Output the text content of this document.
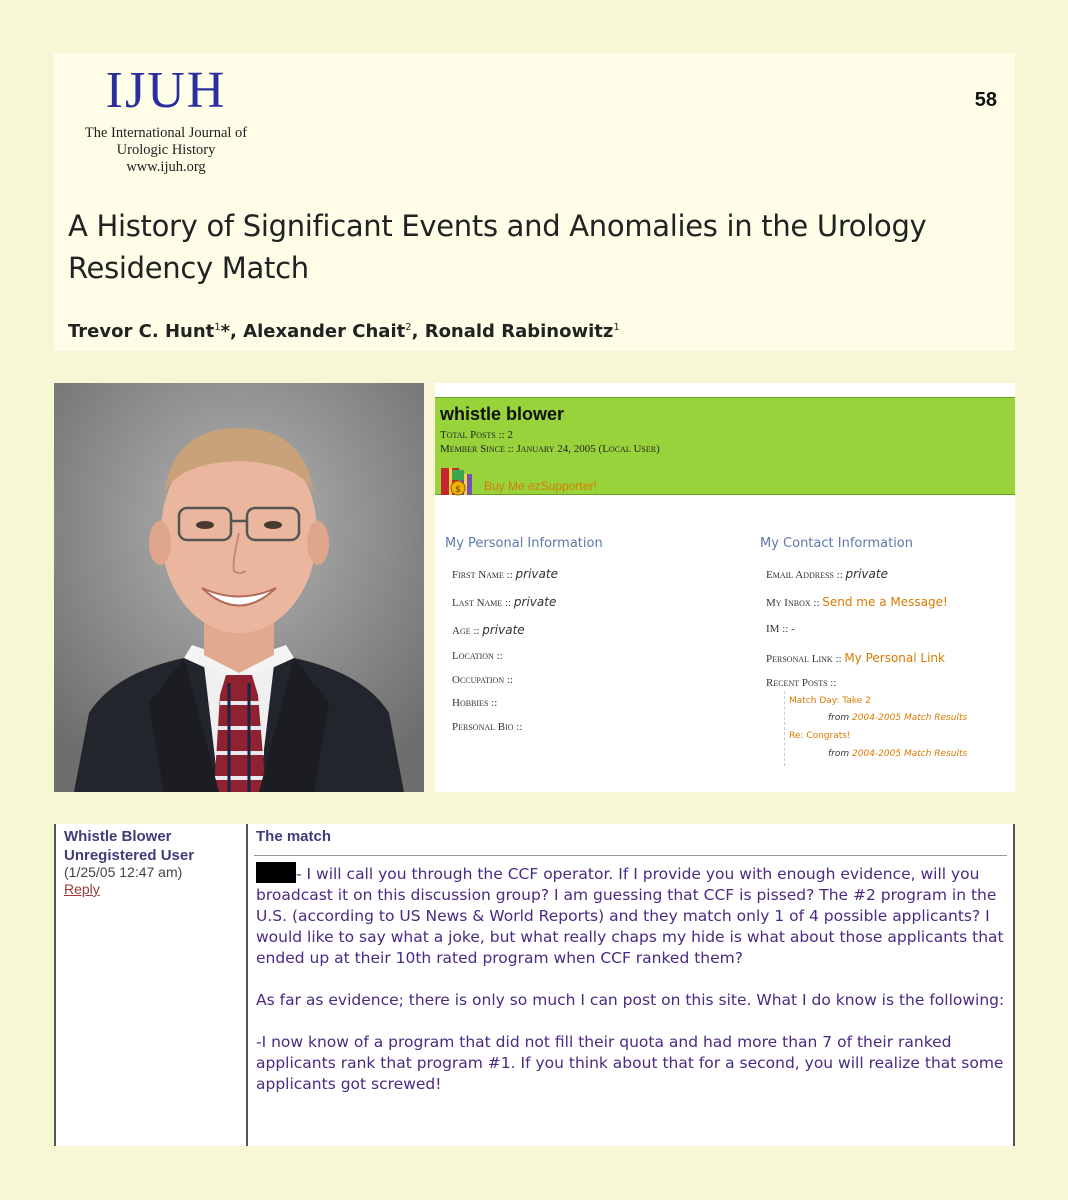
IJUH
The International Journal of
Urologic History
www.ijuh.org
58
A History of Significant Events and Anomalies in the Urology Residency Match
Trevor C. Hunt$^1$*, Alexander Chait$^2$, Ronald Rabinowitz$^1$
whistle blower
Total Posts :: 2
Member Since :: January 24, 2005 (Local User)
$ Buy Me ezSupporter!
My Personal Information	My Contact Information
First Name :: private
Last Name :: private
Age :: private
Location ::
Occupation ::
Hobbies ::
Personal Bio ::
Email Address :: private
My Inbox :: Send me a Message!
IM :: -
Personal Link :: My Personal Link
Recent Posts ::
Match Day: Take 2
from 2004-2005 Match Results
Re: Congrats!
from 2004-2005 Match Results
Whistle Blower
Unregistered User
(1/25/05 12:47 am)
Reply
The match

- I will call you through the CCF operator. If I provide you with enough evidence, will you broadcast it on this discussion group? I am guessing that CCF is pissed? The #2 program in the U.S. (according to US News & World Reports) and they match only 1 of 4 possible applicants? I would like to say what a joke, but what really chaps my hide is what about those applicants that ended up at their 10th rated program when CCF ranked them?

As far as evidence; there is only so much I can post on this site. What I do know is the following:

-I now know of a program that did not fill their quota and had more than 7 of their ranked applicants rank that program #1. If you think about that for a second, you will realize that some applicants got screwed!
